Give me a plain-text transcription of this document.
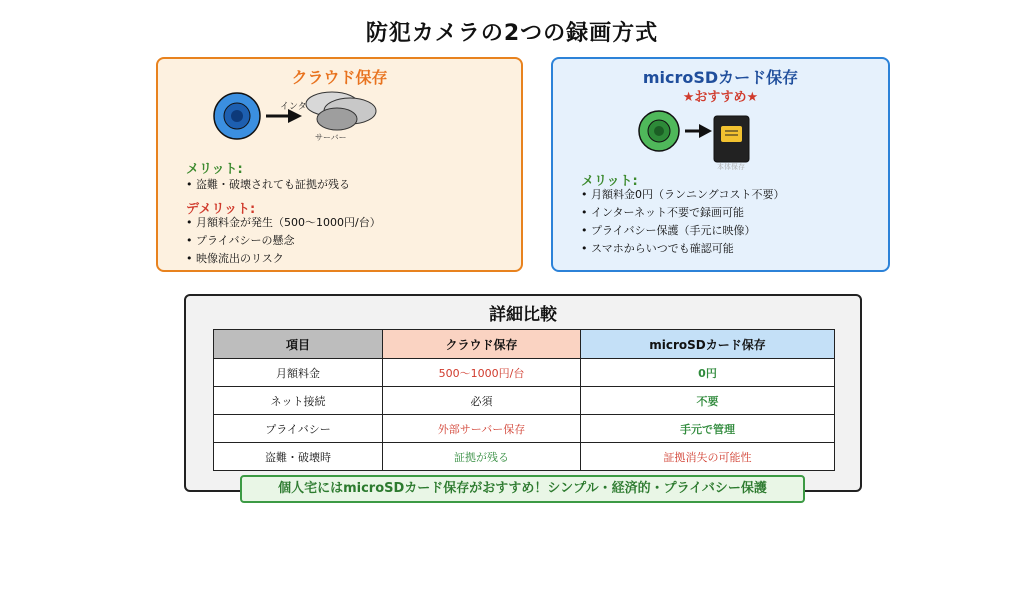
防犯カメラの2つの録画方式
クラウド保存
インタ
サーバー
メリット:
• 盗難・破壊されても証拠が残る
デメリット:
• 月額料金が発生（500〜1000円/台）
• プライバシーの懸念
• 映像流出のリスク
microSDカード保存
★おすすめ★
本体保存
メリット:
• 月額料金0円（ランニングコスト不要）
• インターネット不要で録画可能
• プライバシー保護（手元に映像）
• スマホからいつでも確認可能
詳細比較
項目	クラウド保存	microSDカード保存
月額料金	500〜1000円/台	0円
ネット接続	必須	不要
プライバシー	外部サーバー保存	手元で管理
盗難・破壊時	証拠が残る	証拠消失の可能性
個人宅にはmicroSDカード保存がおすすめ！シンプル・経済的・プライバシー保護
